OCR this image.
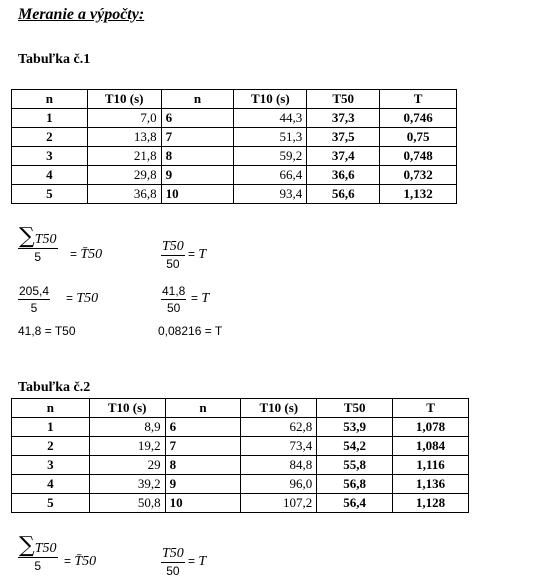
Meranie a výpočty:
Tabuľka č.1
n	T10 (s)	n	T10 (s)	T50	T
1	7,0	6	44,3	37,3	0,746
2	13,8	7	51,3	37,5	0,75
3	21,8	8	59,2	37,4	0,748
4	29,8	9	66,4	36,6	0,732
5	36,8	10	93,4	56,6	1,132
$\frac{\sum T50}{5}$ = T̄50	$\frac{T50}{50} = T$
$\frac{205,4}{5} = T50$	$\frac{41,8}{50} = T$
41,8 = T50	0,08216 = T
Tabuľka č.2
n	T10 (s)	n	T10 (s)	T50	T
1	8,9	6	62,8	53,9	1,078
2	19,2	7	73,4	54,2	1,084
3	29	8	84,8	55,8	1,116
4	39,2	9	96,0	56,8	1,136
5	50,8	10	107,2	56,4	1,128
$\frac{\sum T50}{5}$ = T̄50	$\frac{T50}{50} = T$
